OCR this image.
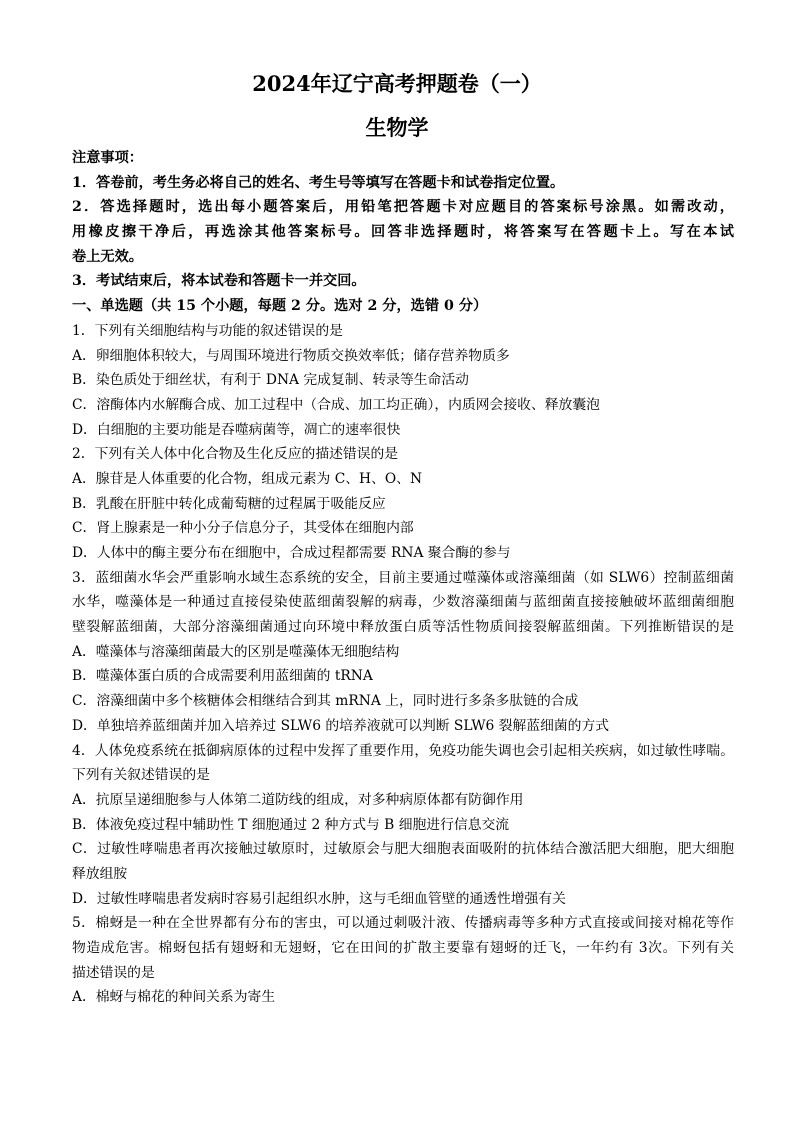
2024年辽宁高考押题卷（一）
生物学
注意事项：
1．答卷前，考生务必将自己的姓名、考生号等填写在答题卡和试卷指定位置。
2．答选择题时，选出每小题答案后，用铅笔把答题卡对应题目的答案标号涂黑。如需改动，
用橡皮擦干净后，再选涂其他答案标号。回答非选择题时，将答案写在答题卡上。写在本试
卷上无效。
3．考试结束后，将本试卷和答题卡一并交回。
一、单选题（共 15 个小题，每题 2 分。选对 2 分，选错 0 分）
1．下列有关细胞结构与功能的叙述错误的是
A．卵细胞体积较大，与周围环境进行物质交换效率低；储存营养物质多
B．染色质处于细丝状，有利于 DNA 完成复制、转录等生命活动
C．溶酶体内水解酶合成、加工过程中（合成、加工均正确），内质网会接收、释放囊泡
D．白细胞的主要功能是吞噬病菌等，凋亡的速率很快
2．下列有关人体中化合物及生化反应的描述错误的是
A．腺苷是人体重要的化合物，组成元素为 C、H、O、N
B．乳酸在肝脏中转化成葡萄糖的过程属于吸能反应
C．肾上腺素是一种小分子信息分子，其受体在细胞内部
D．人体中的酶主要分布在细胞中，合成过程都需要 RNA 聚合酶的参与
3．蓝细菌水华会严重影响水域生态系统的安全，目前主要通过噬藻体或溶藻细菌（如 SLW6）控制蓝细菌
水华，噬藻体是一种通过直接侵染使蓝细菌裂解的病毒，少数溶藻细菌与蓝细菌直接接触破坏蓝细菌细胞
壁裂解蓝细菌，大部分溶藻细菌通过向环境中释放蛋白质等活性物质间接裂解蓝细菌。下列推断错误的是
A．噬藻体与溶藻细菌最大的区别是噬藻体无细胞结构
B．噬藻体蛋白质的合成需要利用蓝细菌的 tRNA
C．溶藻细菌中多个核糖体会相继结合到其 mRNA 上，同时进行多条多肽链的合成
D．单独培养蓝细菌并加入培养过 SLW6 的培养液就可以判断 SLW6 裂解蓝细菌的方式
4．人体免疫系统在抵御病原体的过程中发挥了重要作用，免疫功能失调也会引起相关疾病，如过敏性哮喘。
下列有关叙述错误的是
A．抗原呈递细胞参与人体第二道防线的组成，对多种病原体都有防御作用
B．体液免疫过程中辅助性 T 细胞通过 2 种方式与 B 细胞进行信息交流
C．过敏性哮喘患者再次接触过敏原时，过敏原会与肥大细胞表面吸附的抗体结合激活肥大细胞，肥大细胞
释放组胺
D．过敏性哮喘患者发病时容易引起组织水肿，这与毛细血管壁的通透性增强有关
5．棉蚜是一种在全世界都有分布的害虫，可以通过刺吸汁液、传播病毒等多种方式直接或间接对棉花等作
物造成危害。棉蚜包括有翅蚜和无翅蚜，它在田间的扩散主要靠有翅蚜的迁飞，一年约有 3次。下列有关
描述错误的是
A．棉蚜与棉花的种间关系为寄生
